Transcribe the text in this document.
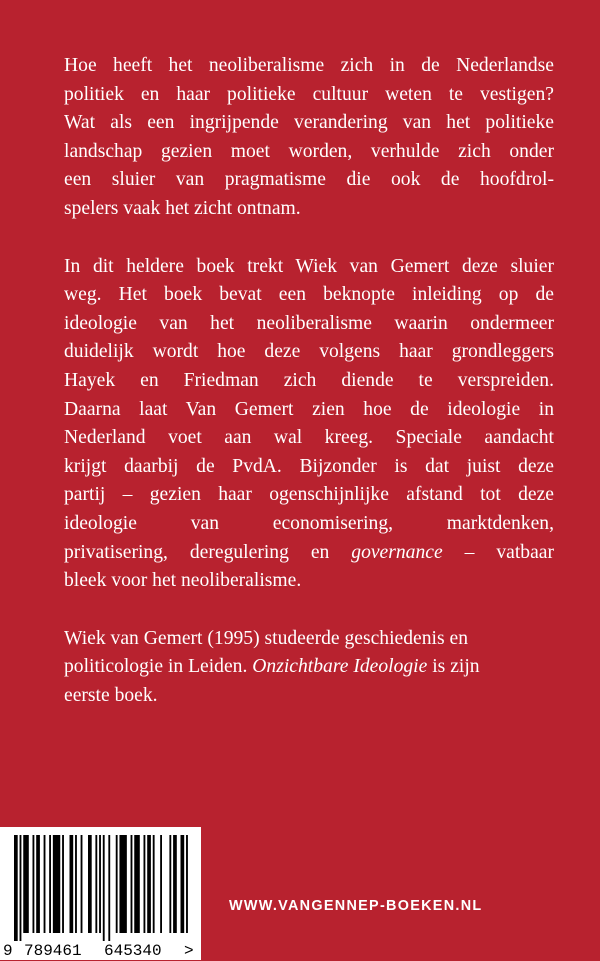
Hoe heeft het neoliberalisme zich in de Nederlandse
politiek en haar politieke cultuur weten te vestigen?
Wat als een ingrijpende verandering van het politieke
landschap gezien moet worden, verhulde zich onder
een sluier van pragmatisme die ook de hoofdrol-
spelers vaak het zicht ontnam.

In dit heldere boek trekt Wiek van Gemert deze sluier
weg. Het boek bevat een beknopte inleiding op de
ideologie van het neoliberalisme waarin ondermeer
duidelijk wordt hoe deze volgens haar grondleggers
Hayek en Friedman zich diende te verspreiden.
Daarna laat Van Gemert zien hoe de ideologie in
Nederland voet aan wal kreeg. Speciale aandacht
krijgt daarbij de PvdA. Bijzonder is dat juist deze
partij – gezien haar ogenschijnlijke afstand tot deze
ideologie van economisering, marktdenken,
privatisering, deregulering en governance – vatbaar
bleek voor het neoliberalisme.

Wiek van Gemert (1995) studeerde geschiedenis en
politicologie in Leiden. Onzichtbare Ideologie is zijn
eerste boek.

9 789461 645340 >
WWW.VANGENNEP-BOEKEN.NL
